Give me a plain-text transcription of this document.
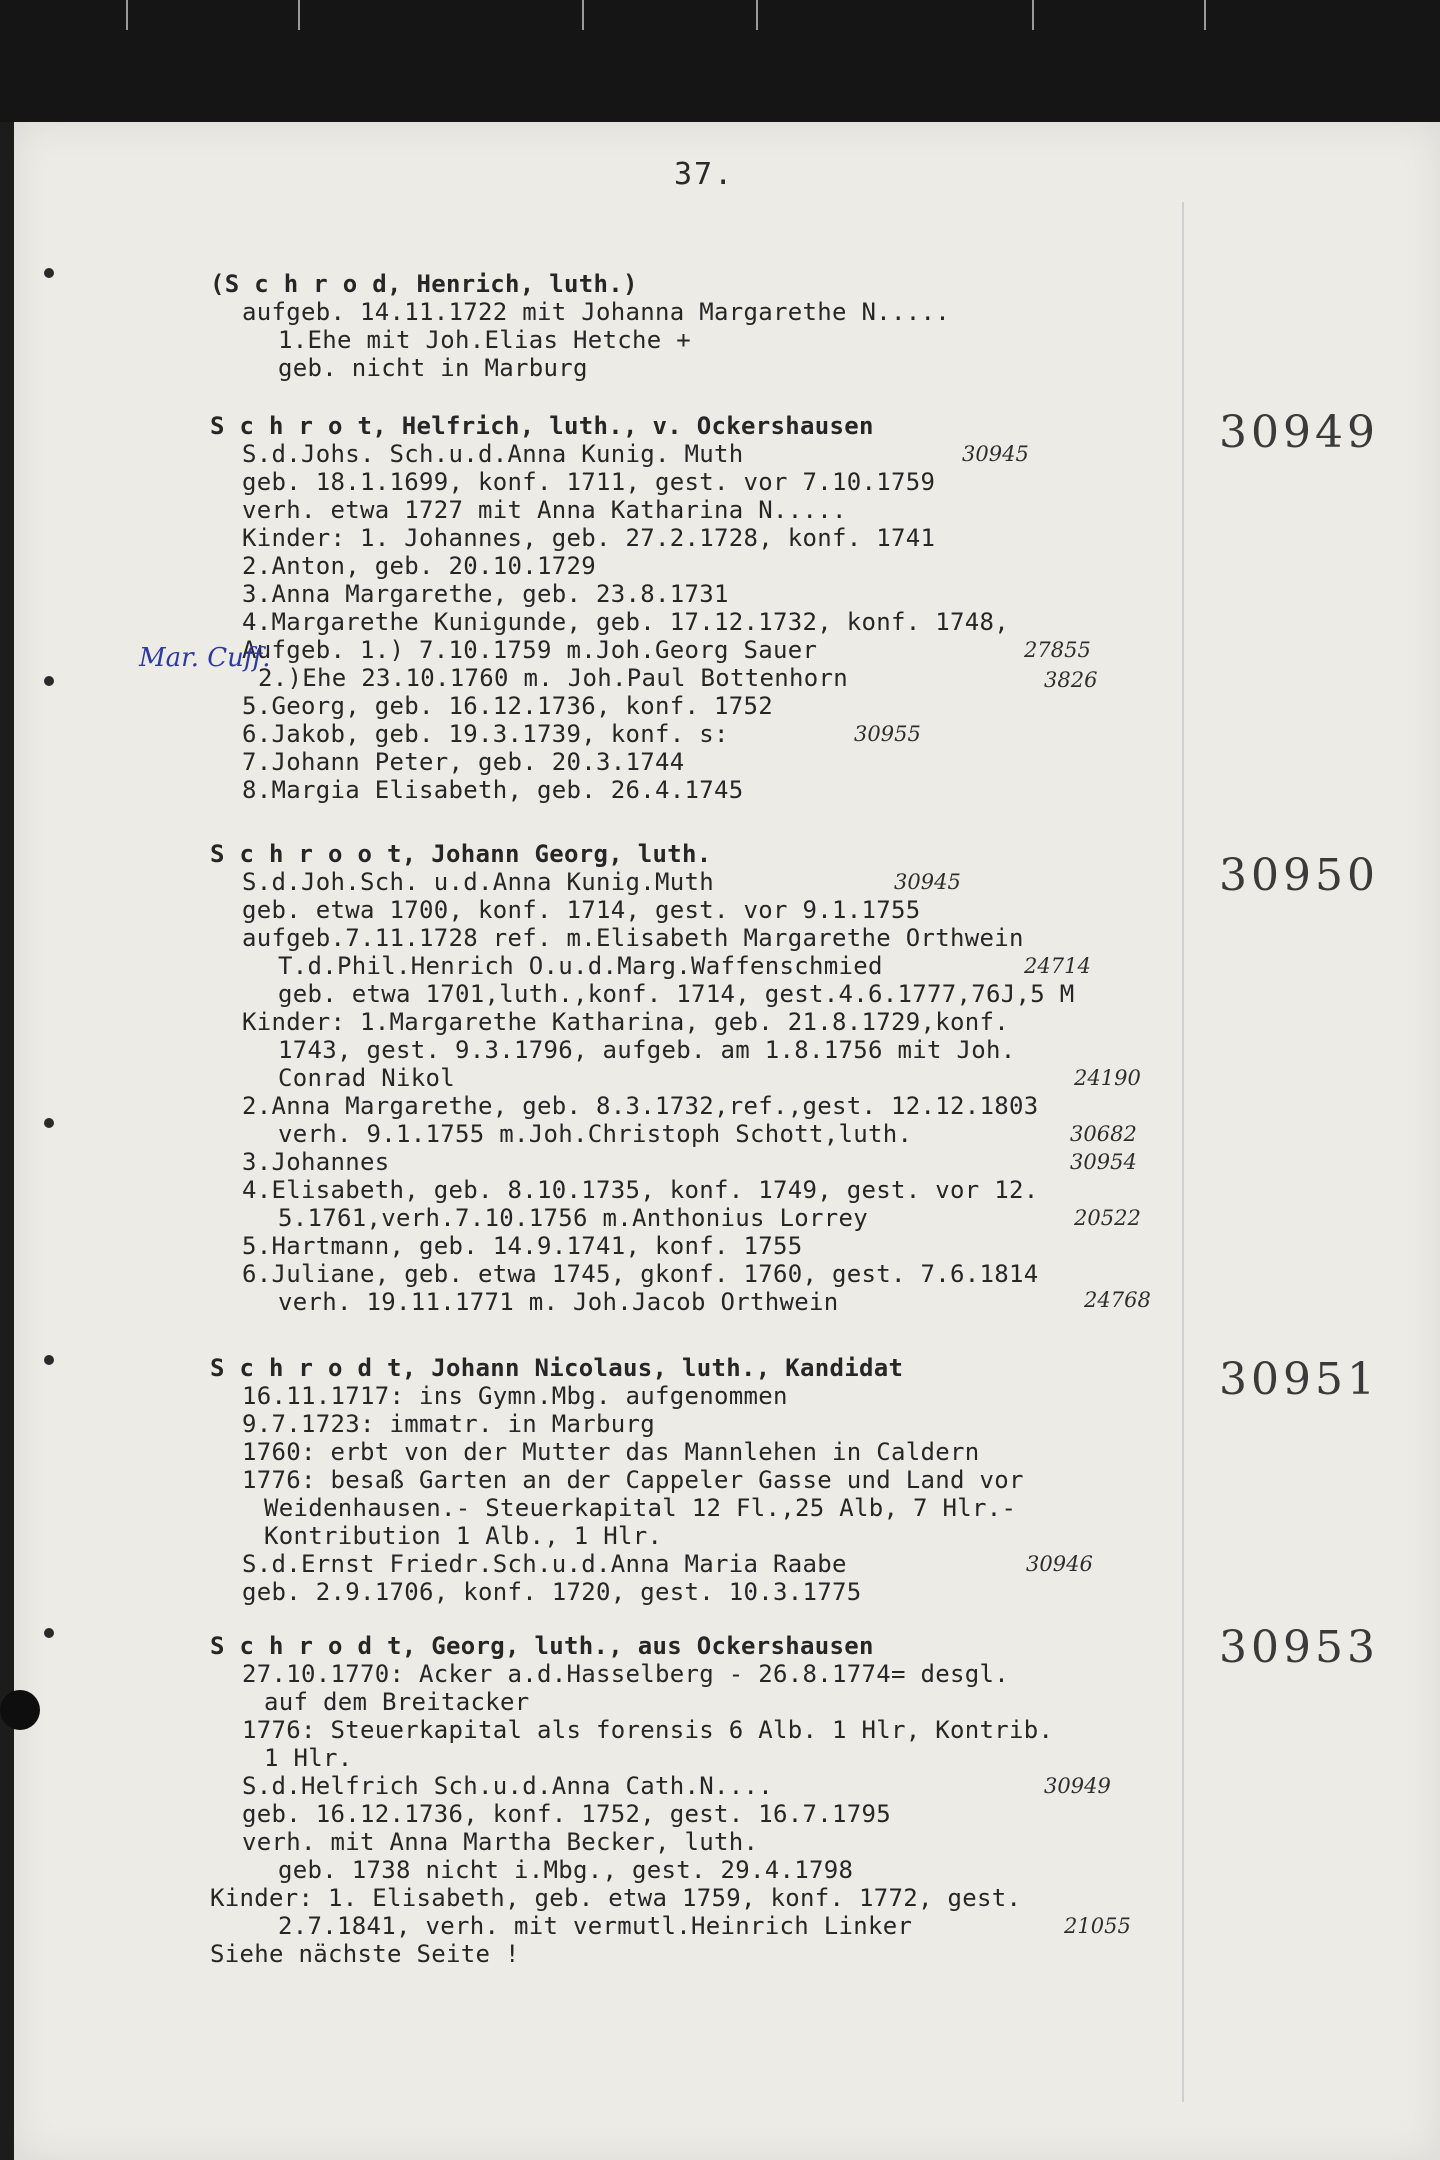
37.
(S c h r o d, Henrich, luth.)
aufgeb. 14.11.1722 mit Johanna Margarethe N.....
1.Ehe mit Joh.Elias Hetche +
geb. nicht in Marburg
30949
S c h r o t, Helfrich, luth., v. Ockershausen
S.d.Johs. Sch.u.d.Anna Kunig. Muth
geb. 18.1.1699, konf. 1711, gest. vor 7.10.1759
verh. etwa 1727 mit Anna Katharina N.....
Kinder: 1. Johannes, geb. 27.2.1728, konf. 1741
2.Anton, geb. 20.10.1729
3.Anna Margarethe, geb. 23.8.1731
4.Margarethe Kunigunde, geb. 17.12.1732, konf. 1748,
Aufgeb. 1.) 7.10.1759 m.Joh.Georg Sauer
2.)Ehe 23.10.1760 m. Joh.Paul Bottenhorn
5.Georg, geb. 16.12.1736, konf. 1752
6.Jakob, geb. 19.3.1739, konf. s:
7.Johann Peter, geb. 20.3.1744
8.Margia Elisabeth, geb. 26.4.1745
30945
27855
3826
30955
30950
S c h r o o t, Johann Georg, luth.
S.d.Joh.Sch. u.d.Anna Kunig.Muth
geb. etwa 1700, konf. 1714, gest. vor 9.1.1755
aufgeb.7.11.1728 ref. m.Elisabeth Margarethe Orthwein
T.d.Phil.Henrich O.u.d.Marg.Waffenschmied
geb. etwa 1701,luth.,konf. 1714, gest.4.6.1777,76J,5 M
Kinder: 1.Margarethe Katharina, geb. 21.8.1729,konf.
1743, gest. 9.3.1796, aufgeb. am 1.8.1756 mit Joh.
Conrad Nikol
2.Anna Margarethe, geb. 8.3.1732,ref.,gest. 12.12.1803
verh. 9.1.1755 m.Joh.Christoph Schott,luth.
3.Johannes
4.Elisabeth, geb. 8.10.1735, konf. 1749, gest. vor 12.
5.1761,verh.7.10.1756 m.Anthonius Lorrey
5.Hartmann, geb. 14.9.1741, konf. 1755
6.Juliane, geb. etwa 1745, gkonf. 1760, gest. 7.6.1814
verh. 19.11.1771 m. Joh.Jacob Orthwein
30945
24714
24190
30682
30954
20522
24768
30951
S c h r o d t, Johann Nicolaus, luth., Kandidat
16.11.1717: ins Gymn.Mbg. aufgenommen
9.7.1723: immatr. in Marburg
1760: erbt von der Mutter das Mannlehen in Caldern
1776: besaß Garten an der Cappeler Gasse und Land vor
Weidenhausen.- Steuerkapital 12 Fl.,25 Alb, 7 Hlr.-
Kontribution 1 Alb., 1 Hlr.
S.d.Ernst Friedr.Sch.u.d.Anna Maria Raabe
geb. 2.9.1706, konf. 1720, gest. 10.3.1775
30946
30953
S c h r o d t, Georg, luth., aus Ockershausen
27.10.1770: Acker a.d.Hasselberg - 26.8.1774= desgl.
auf dem Breitacker
1776: Steuerkapital als forensis 6 Alb. 1 Hlr, Kontrib.
1 Hlr.
S.d.Helfrich Sch.u.d.Anna Cath.N....
geb. 16.12.1736, konf. 1752, gest. 16.7.1795
verh. mit Anna Martha Becker, luth.
geb. 1738 nicht i.Mbg., gest. 29.4.1798
Kinder: 1. Elisabeth, geb. etwa 1759, konf. 1772, gest.
2.7.1841, verh. mit vermutl.Heinrich Linker
Siehe nächste Seite !
30949
21055
Mar. Cuff.
